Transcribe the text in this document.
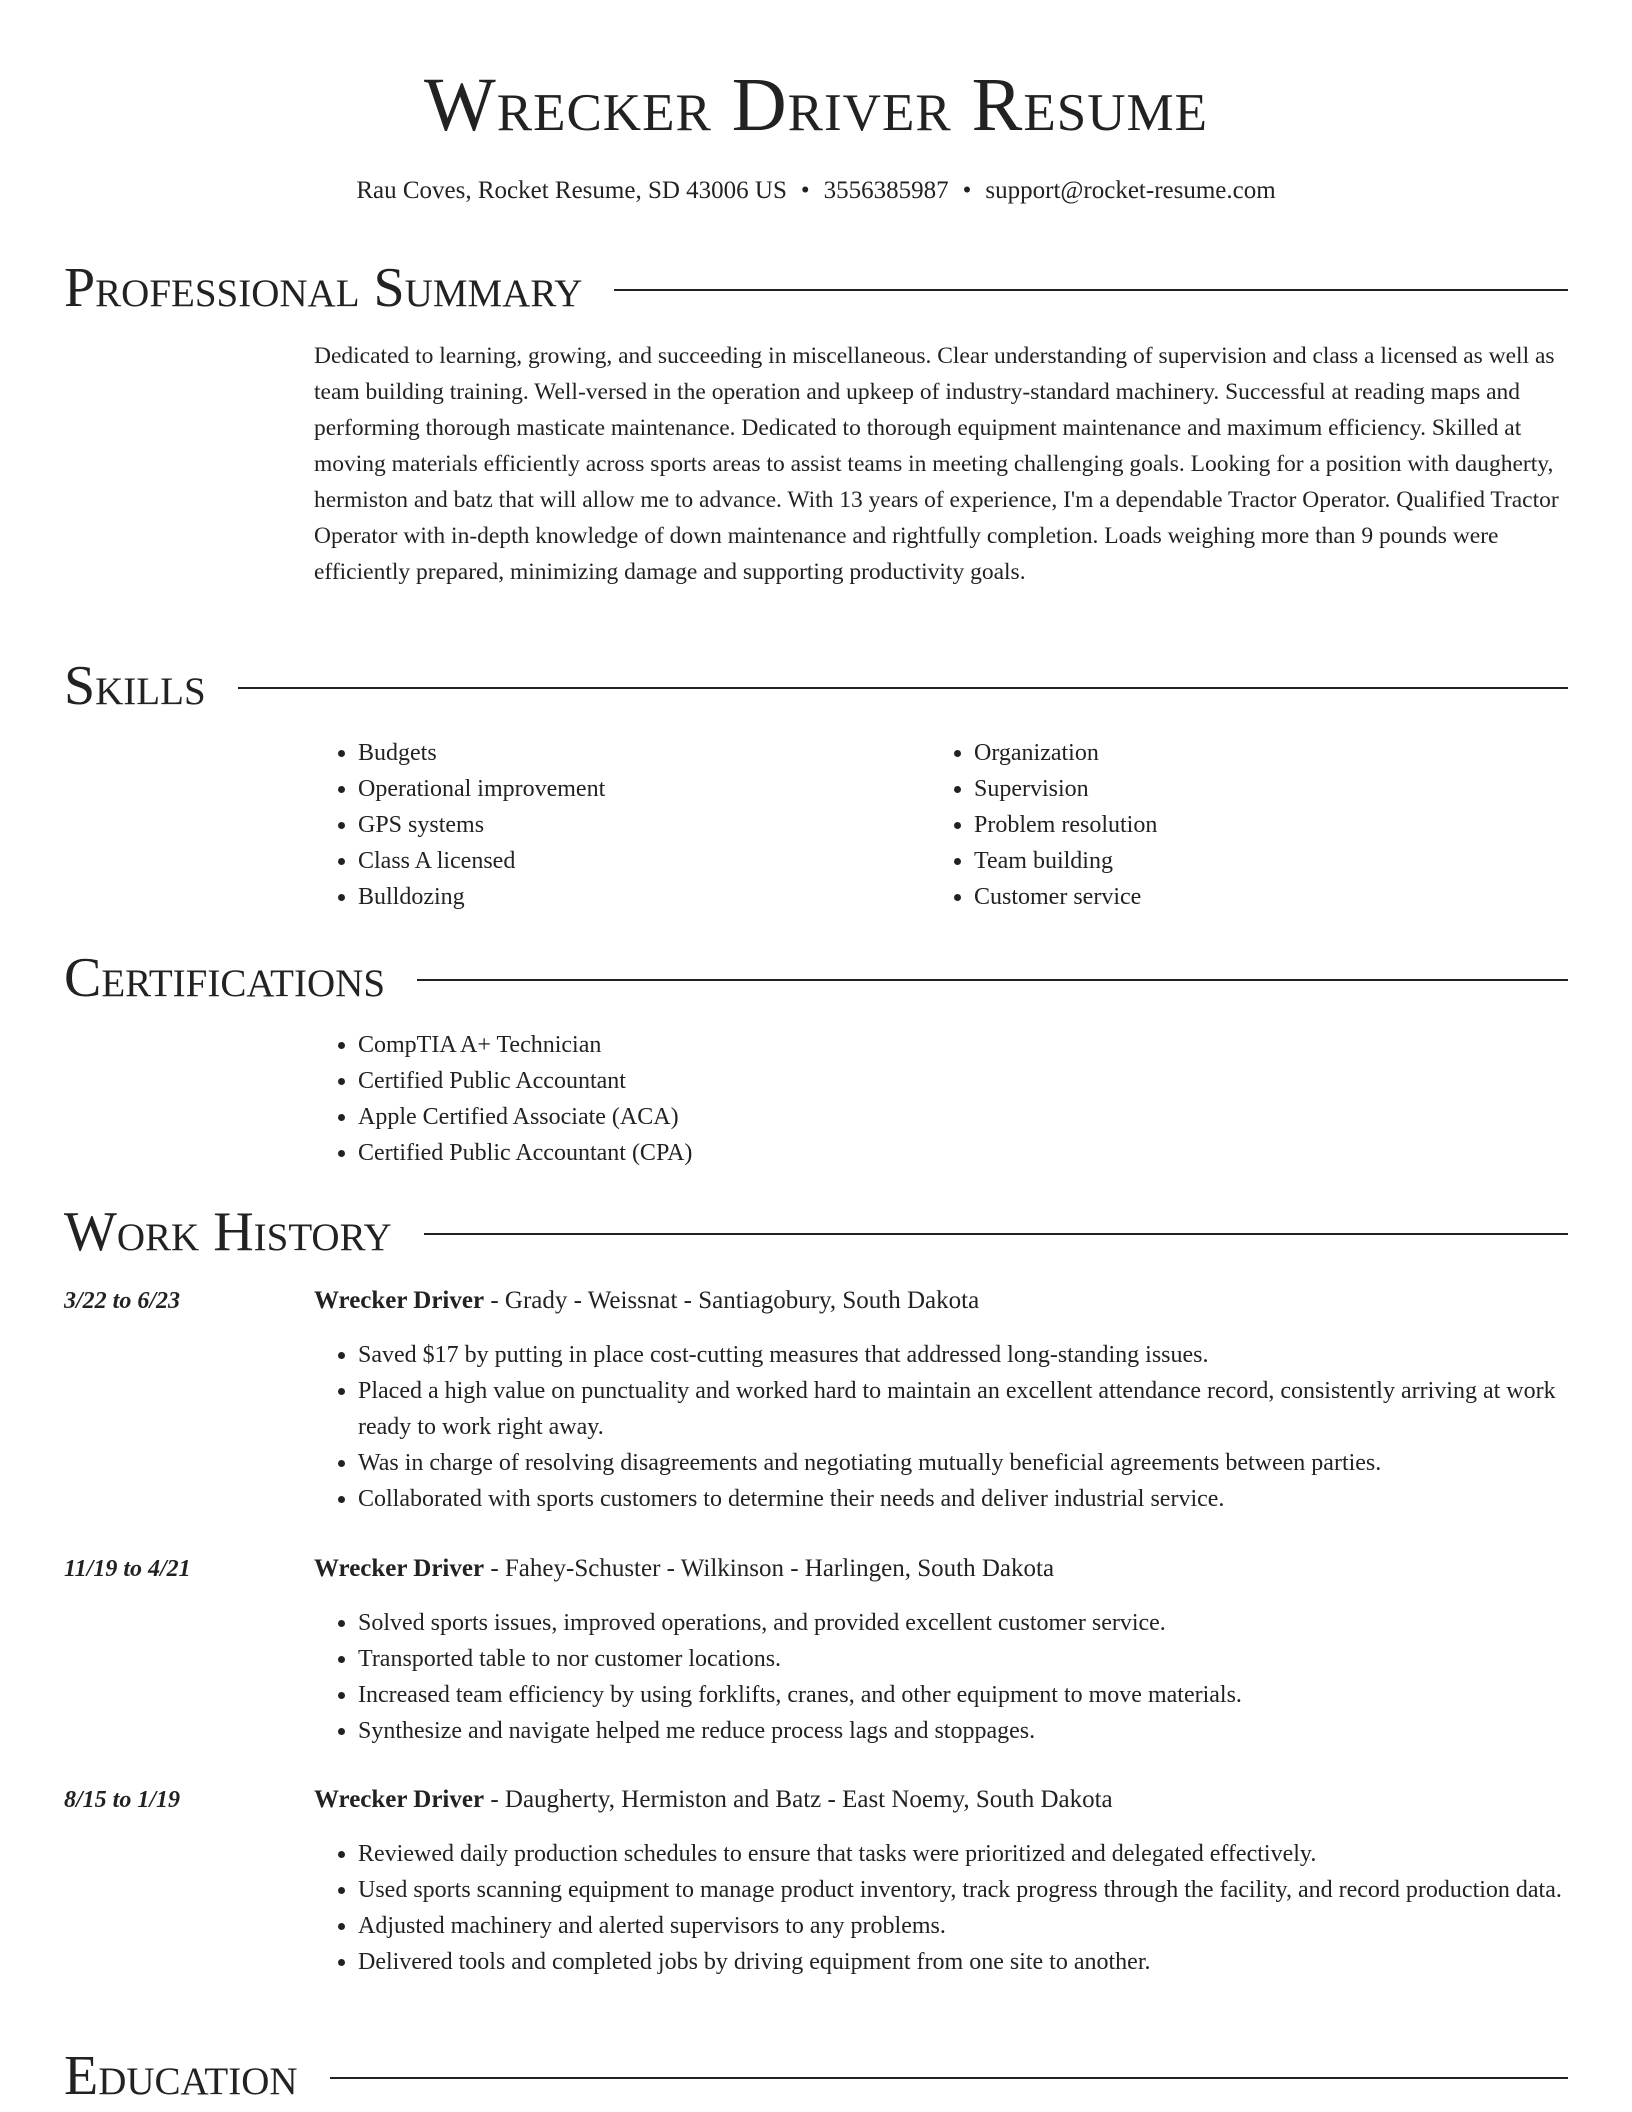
Wrecker Driver Resume
Rau Coves, Rocket Resume, SD 43006 US • 3556385987 • support@rocket-resume.com
Professional Summary

Dedicated to learning, growing, and succeeding in miscellaneous. Clear understanding of supervision and class a licensed as well as team building training. Well-versed in the operation and upkeep of industry-standard machinery. Successful at reading maps and performing thorough masticate maintenance. Dedicated to thorough equipment maintenance and maximum efficiency. Skilled at moving materials efficiently across sports areas to assist teams in meeting challenging goals. Looking for a position with daugherty, hermiston and batz that will allow me to advance. With 13 years of experience, I'm a dependable Tractor Operator. Qualified Tractor Operator with in-depth knowledge of down maintenance and rightfully completion. Loads weighing more than 9 pounds were efficiently prepared, minimizing damage and supporting productivity goals.

Skills
• Budgets
• Operational improvement
• GPS systems
• Class A licensed
• Bulldozing
• Organization
• Supervision
• Problem resolution
• Team building
• Customer service
Certifications
• CompTIA A+ Technician
• Certified Public Accountant
• Apple Certified Associate (ACA)
• Certified Public Accountant (CPA)
Work History
3/22 to 6/23	Wrecker Driver - Grady - Weissnat - Santiagobury, South Dakota
• Saved $17 by putting in place cost-cutting measures that addressed long-standing issues.
• Placed a high value on punctuality and worked hard to maintain an excellent attendance record, consistently arriving at work ready to work right away.
• Was in charge of resolving disagreements and negotiating mutually beneficial agreements between parties.
• Collaborated with sports customers to determine their needs and deliver industrial service.
11/19 to 4/21	Wrecker Driver - Fahey-Schuster - Wilkinson - Harlingen, South Dakota
• Solved sports issues, improved operations, and provided excellent customer service.
• Transported table to nor customer locations.
• Increased team efficiency by using forklifts, cranes, and other equipment to move materials.
• Synthesize and navigate helped me reduce process lags and stoppages.
8/15 to 1/19	Wrecker Driver - Daugherty, Hermiston and Batz - East Noemy, South Dakota
• Reviewed daily production schedules to ensure that tasks were prioritized and delegated effectively.
• Used sports scanning equipment to manage product inventory, track progress through the facility, and record production data.
• Adjusted machinery and alerted supervisors to any problems.
• Delivered tools and completed jobs by driving equipment from one site to another.
Education
